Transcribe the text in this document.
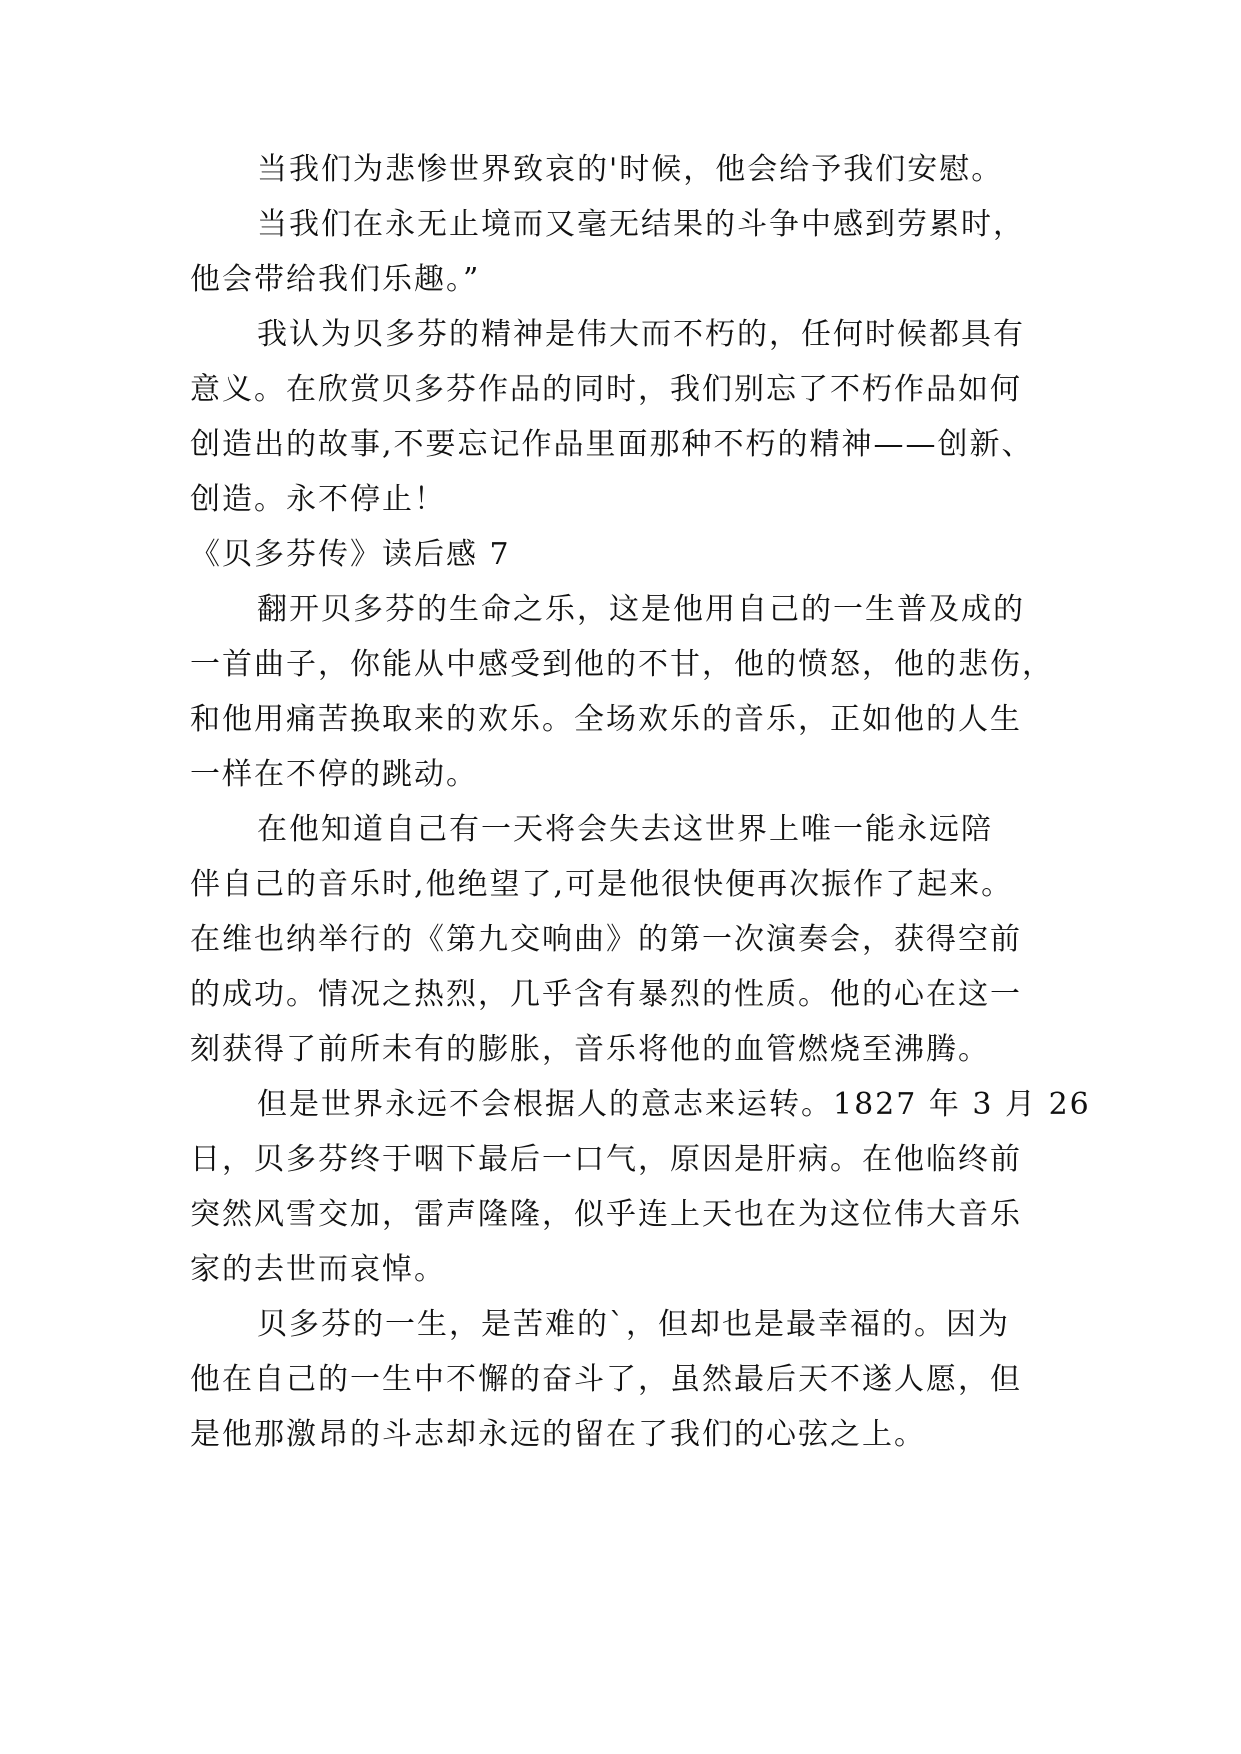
当我们为悲惨世界致哀的'时候，他会给予我们安慰。
当我们在永无止境而又毫无结果的斗争中感到劳累时，
他会带给我们乐趣。”
我认为贝多芬的精神是伟大而不朽的，任何时候都具有
意义。在欣赏贝多芬作品的同时，我们别忘了不朽作品如何
创造出的故事,不要忘记作品里面那种不朽的精神——创新、
创造。永不停止！
《贝多芬传》读后感 7
翻开贝多芬的生命之乐，这是他用自己的一生普及成的
一首曲子，你能从中感受到他的不甘，他的愤怒，他的悲伤，
和他用痛苦换取来的欢乐。全场欢乐的音乐，正如他的人生
一样在不停的跳动。
在他知道自己有一天将会失去这世界上唯一能永远陪
伴自己的音乐时,他绝望了,可是他很快便再次振作了起来。
在维也纳举行的《第九交响曲》的第一次演奏会，获得空前
的成功。情况之热烈，几乎含有暴烈的性质。他的心在这一
刻获得了前所未有的膨胀，音乐将他的血管燃烧至沸腾。
但是世界永远不会根据人的意志来运转。1827 年 3 月 26
日，贝多芬终于咽下最后一口气，原因是肝病。在他临终前
突然风雪交加，雷声隆隆，似乎连上天也在为这位伟大音乐
家的去世而哀悼。
贝多芬的一生，是苦难的`，但却也是最幸福的。因为
他在自己的一生中不懈的奋斗了，虽然最后天不遂人愿，但
是他那激昂的斗志却永远的留在了我们的心弦之上。
